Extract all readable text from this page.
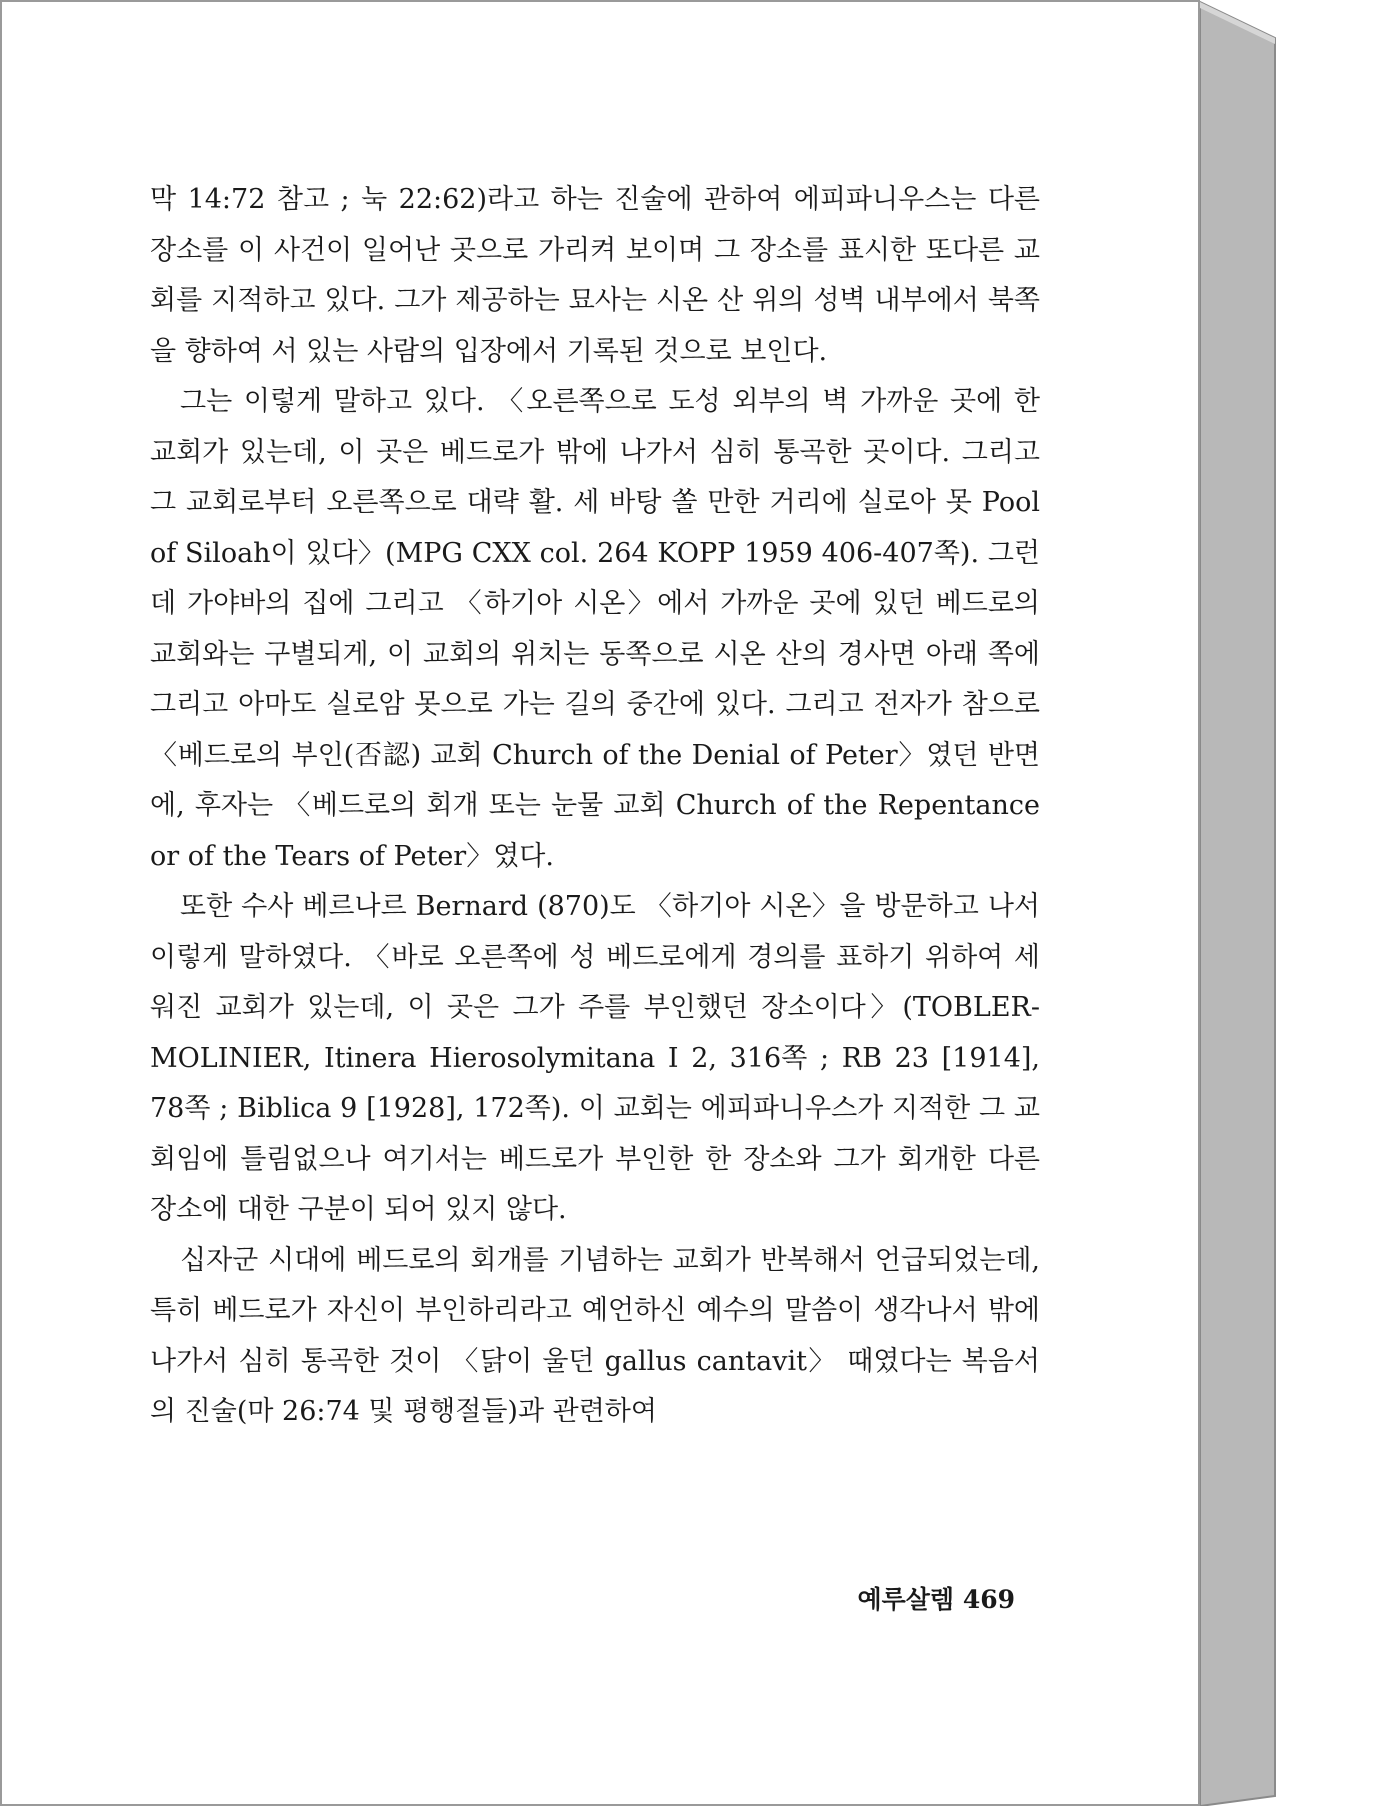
막 14:72 참고 ; 눅 22:62)라고 하는 진술에 관하여 에피파니우스는 다른 장소를 이 사건이 일어난 곳으로 가리켜 보이며 그 장소를 표시한 또다른 교회를 지적하고 있다. 그가 제공하는 묘사는 시온 산 위의 성벽 내부에서 북쪽을 향하여 서 있는 사람의 입장에서 기록된 것으로 보인다.

그는 이렇게 말하고 있다. 〈오른쪽으로 도성 외부의 벽 가까운 곳에 한 교회가 있는데, 이 곳은 베드로가 밖에 나가서 심히 통곡한 곳이다. 그리고 그 교회로부터 오른쪽으로 대략 활. 세 바탕 쏠 만한 거리에 실로아 못 Pool of Siloah이 있다〉(MPG CXX col. 264 KOPP 1959 406-407쪽). 그런데 가야바의 집에 그리고 〈하기아 시온〉에서 가까운 곳에 있던 베드로의 교회와는 구별되게, 이 교회의 위치는 동쪽으로 시온 산의 경사면 아래 쪽에 그리고 아마도 실로암 못으로 가는 길의 중간에 있다. 그리고 전자가 참으로 〈베드로의 부인(否認) 교회 Church of the Denial of Peter〉였던 반면에, 후자는 〈베드로의 회개 또는 눈물 교회 Church of the Repentance or of the Tears of Peter〉였다.

또한 수사 베르나르 Bernard (870)도 〈하기아 시온〉을 방문하고 나서 이렇게 말하였다. 〈바로 오른쪽에 성 베드로에게 경의를 표하기 위하여 세워진 교회가 있는데, 이 곳은 그가 주를 부인했던 장소이다〉(TOBLER-MOLINIER, Itinera Hierosolymitana I 2, 316쪽 ; RB 23 [1914], 78쪽 ; Biblica 9 [1928], 172쪽). 이 교회는 에피파니우스가 지적한 그 교회임에 틀림없으나 여기서는 베드로가 부인한 한 장소와 그가 회개한 다른 장소에 대한 구분이 되어 있지 않다.

십자군 시대에 베드로의 회개를 기념하는 교회가 반복해서 언급되었는데, 특히 베드로가 자신이 부인하리라고 예언하신 예수의 말씀이 생각나서 밖에 나가서 심히 통곡한 것이 〈닭이 울던 gallus cantavit〉 때였다는 복음서의 진술(마 26:74 및 평행절들)과 관련하여

예루살렘 469
